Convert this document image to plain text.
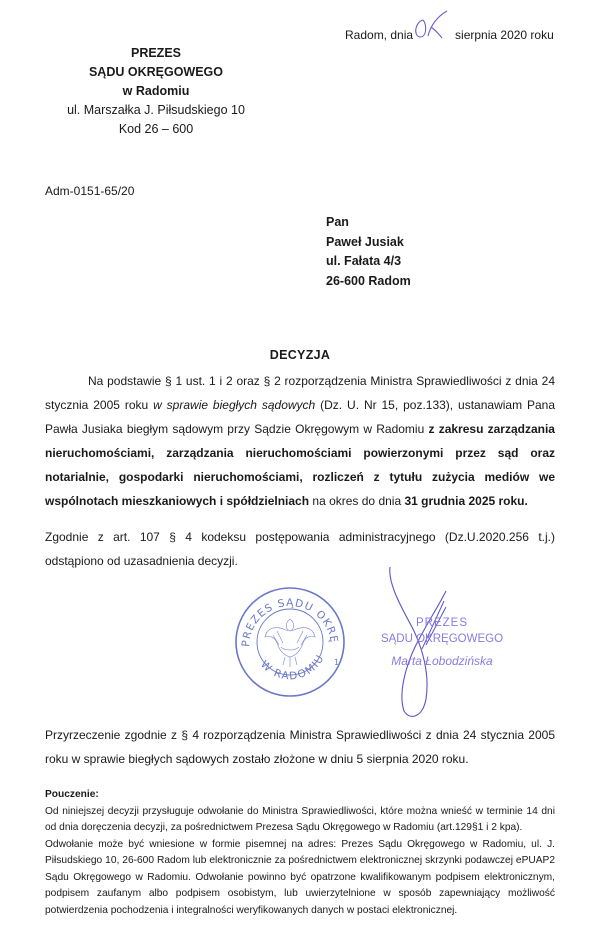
Radom, dnia	sierpnia 2020 roku
PREZES
SĄDU OKRĘGOWEGO
w Radomiu
ul. Marszałka J. Piłsudskiego 10
Kod 26 – 600
Adm-0151-65/20
Pan
Paweł Jusiak
ul. Fałata 4/3
26-600 Radom
DECYZJA

Na podstawie § 1 ust. 1 i 2 oraz § 2 rozporządzenia Ministra Sprawiedliwości z dnia 24 stycznia 2005 roku w sprawie biegłych sądowych (Dz. U. Nr 15, poz.133), ustanawiam Pana Pawła Jusiaka biegłym sądowym przy Sądzie Okręgowym w Radomiu z zakresu zarządzania nieruchomościami, zarządzania nieruchomościami powierzonymi przez sąd oraz notarialnie, gospodarki nieruchomościami, rozliczeń z tytułu zużycia mediów we wspólnotach mieszkaniowych i spółdzielniach na okres do dnia 31 grudnia 2025 roku.

Zgodnie z art. 107 § 4 kodeksu postępowania administracyjnego (Dz.U.2020.256 t.j.) odstąpiono od uzasadnienia decyzji.

PREZES SĄDU OKRĘ
W RADOMIU 1
PREZES
SĄDU OKRĘGOWEGO
Marta Łobodzińska

Przyrzeczenie zgodnie z § 4 rozporządzenia Ministra Sprawiedliwości z dnia 24 stycznia 2005 roku w sprawie biegłych sądowych zostało złożone w dniu 5 sierpnia 2020 roku.

Pouczenie:

Od niniejszej decyzji przysługuje odwołanie do Ministra Sprawiedliwości, które można wnieść w terminie 14 dni od dnia doręczenia decyzji, za pośrednictwem Prezesa Sądu Okręgowego w Radomiu (art.129§1 i 2 kpa).

Odwołanie może być wniesione w formie pisemnej na adres: Prezes Sądu Okręgowego w Radomiu, ul. J. Piłsudskiego 10, 26-600 Radom lub elektronicznie za pośrednictwem elektronicznej skrzynki podawczej ePUAP2 Sądu Okręgowego w Radomiu. Odwołanie powinno być opatrzone kwalifikowanym podpisem elektronicznym, podpisem zaufanym albo podpisem osobistym, lub uwierzytelnione w sposób zapewniający możliwość potwierdzenia pochodzenia i integralności weryfikowanych danych w postaci elektronicznej.
